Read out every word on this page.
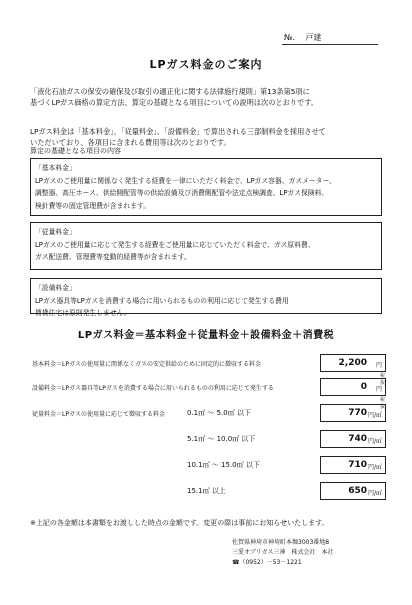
№. 戸建
LPガス料金のご案内
「液化石油ガスの保安の確保及び取引の適正化に関する法律施行規則」第13条第5項に
基づくLPガス価格の算定方法、算定の基礎となる項目についての説明は次のとおりです。
LPガス料金は「基本料金」、「従量料金」、「設備料金」で算出される三部制料金を採用させて
いただいており、各項目に含まれる費用等は次のとおりです。
算定の基礎となる項目の内容
「基本料金」
LPガスのご使用量に関係なく発生する経費を一律にいただく料金で、LPガス容器、ガスメーター、
調整器、高圧ホース、供給側配管等の供給設備及び消費側配管や法定点検調査、LPガス保険料、
検針費等の固定管理費が含まれます。
「従量料金」
LPガスのご使用量に応じて発生する経費をご使用量に応じていただく料金で、ガス原料費、
ガス配送費、管理費等変動的経費等が含まれます。
「設備料金」
LPガス器具等LPガスを消費する場合に用いられるものの利用に応じて発生する費用
賃貸住宅は原則発生しません。
LPガス料金＝基本料金＋従量料金＋設備料金＋消費税
基本料金＝LPガスの使用量に関係なくガスの安定供給のために固定的に徴収する料金	2,200 円
税抜
設備料金＝LPガス器具等LPガスを消費する場合に用いられるものの利用に応じて発生する	0 円
税抜
従量料金＝LPガスの使用量に応じて徴収する料金	0.1㎥ ～ 5.0㎥ 以下	770 円/㎥
5.1㎥ ～ 10.0㎥ 以下	740 円/㎥
10.1㎥ ～ 15.0㎥ 以下	710 円/㎥
15.1㎥ 以上	650 円/㎥
※上記の各金額は本書類をお渡しした時点の金額です。変更の際は事前にお知らせいたします。
佐賀県神埼市神埼町本堀3003番地8
三愛オブリガス三神　株式会社　本社
☎（0952）－53－1221
